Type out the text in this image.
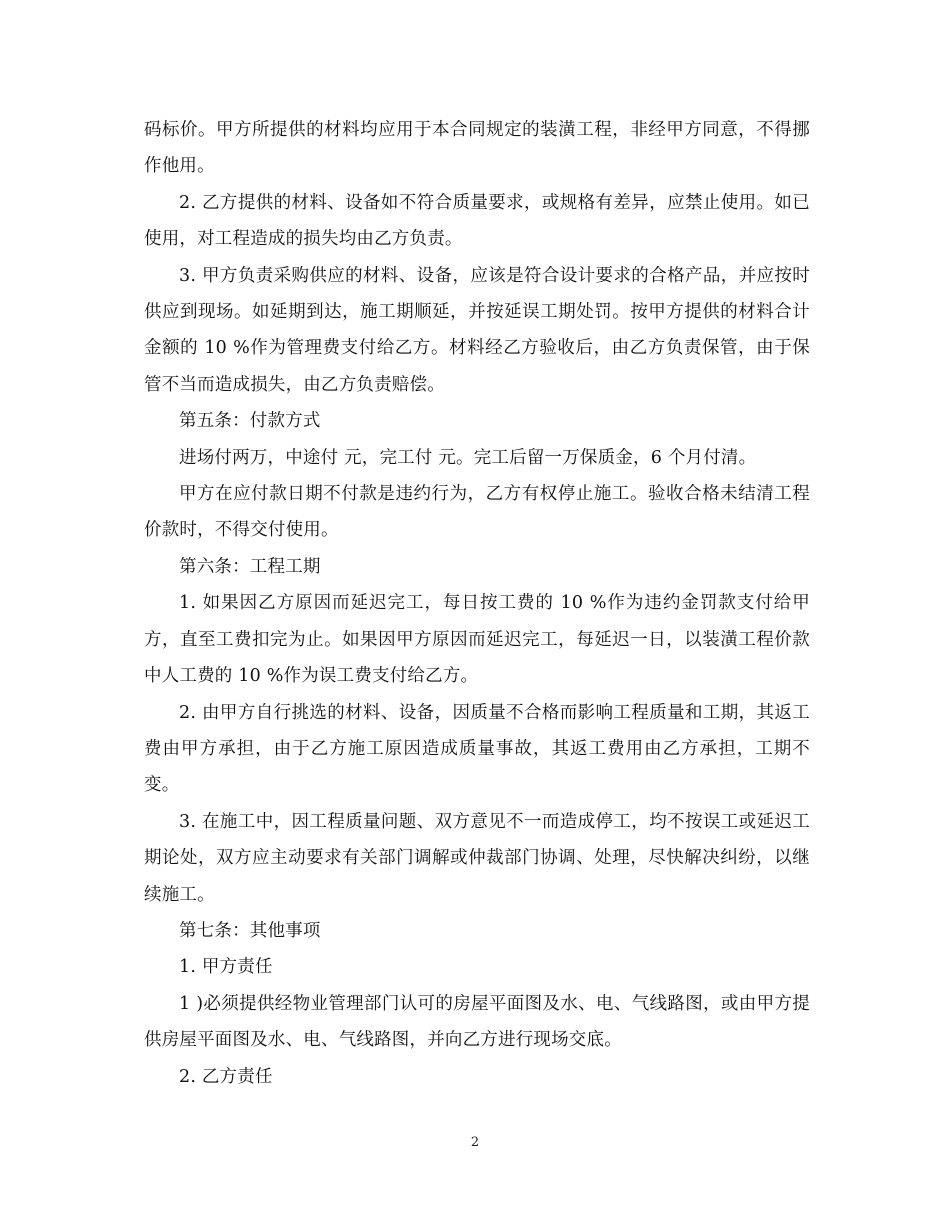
码标价。甲方所提供的材料均应用于本合同规定的装潢工程，非经甲方同意，不得挪作他用。

2. 乙方提供的材料、设备如不符合质量要求，或规格有差异，应禁止使用。如已使用，对工程造成的损失均由乙方负责。

3. 甲方负责采购供应的材料、设备，应该是符合设计要求的合格产品，并应按时供应到现场。如延期到达，施工期顺延，并按延误工期处罚。按甲方提供的材料合计金额的 10 %作为管理费支付给乙方。材料经乙方验收后，由乙方负责保管，由于保管不当而造成损失，由乙方负责赔偿。

第五条：付款方式

进场付两万，中途付 元，完工付 元。完工后留一万保质金，6 个月付清。

甲方在应付款日期不付款是违约行为，乙方有权停止施工。验收合格未结清工程价款时，不得交付使用。

第六条：工程工期

1. 如果因乙方原因而延迟完工，每日按工费的 10 %作为违约金罚款支付给甲方，直至工费扣完为止。如果因甲方原因而延迟完工，每延迟一日，以装潢工程价款中人工费的 10 %作为误工费支付给乙方。

2. 由甲方自行挑选的材料、设备，因质量不合格而影响工程质量和工期，其返工费由甲方承担，由于乙方施工原因造成质量事故，其返工费用由乙方承担，工期不变。

3. 在施工中，因工程质量问题、双方意见不一而造成停工，均不按误工或延迟工期论处，双方应主动要求有关部门调解或仲裁部门协调、处理，尽快解决纠纷，以继续施工。

第七条：其他事项

1. 甲方责任

1 )必须提供经物业管理部门认可的房屋平面图及水、电、气线路图，或由甲方提供房屋平面图及水、电、气线路图，并向乙方进行现场交底。

2. 乙方责任

2
